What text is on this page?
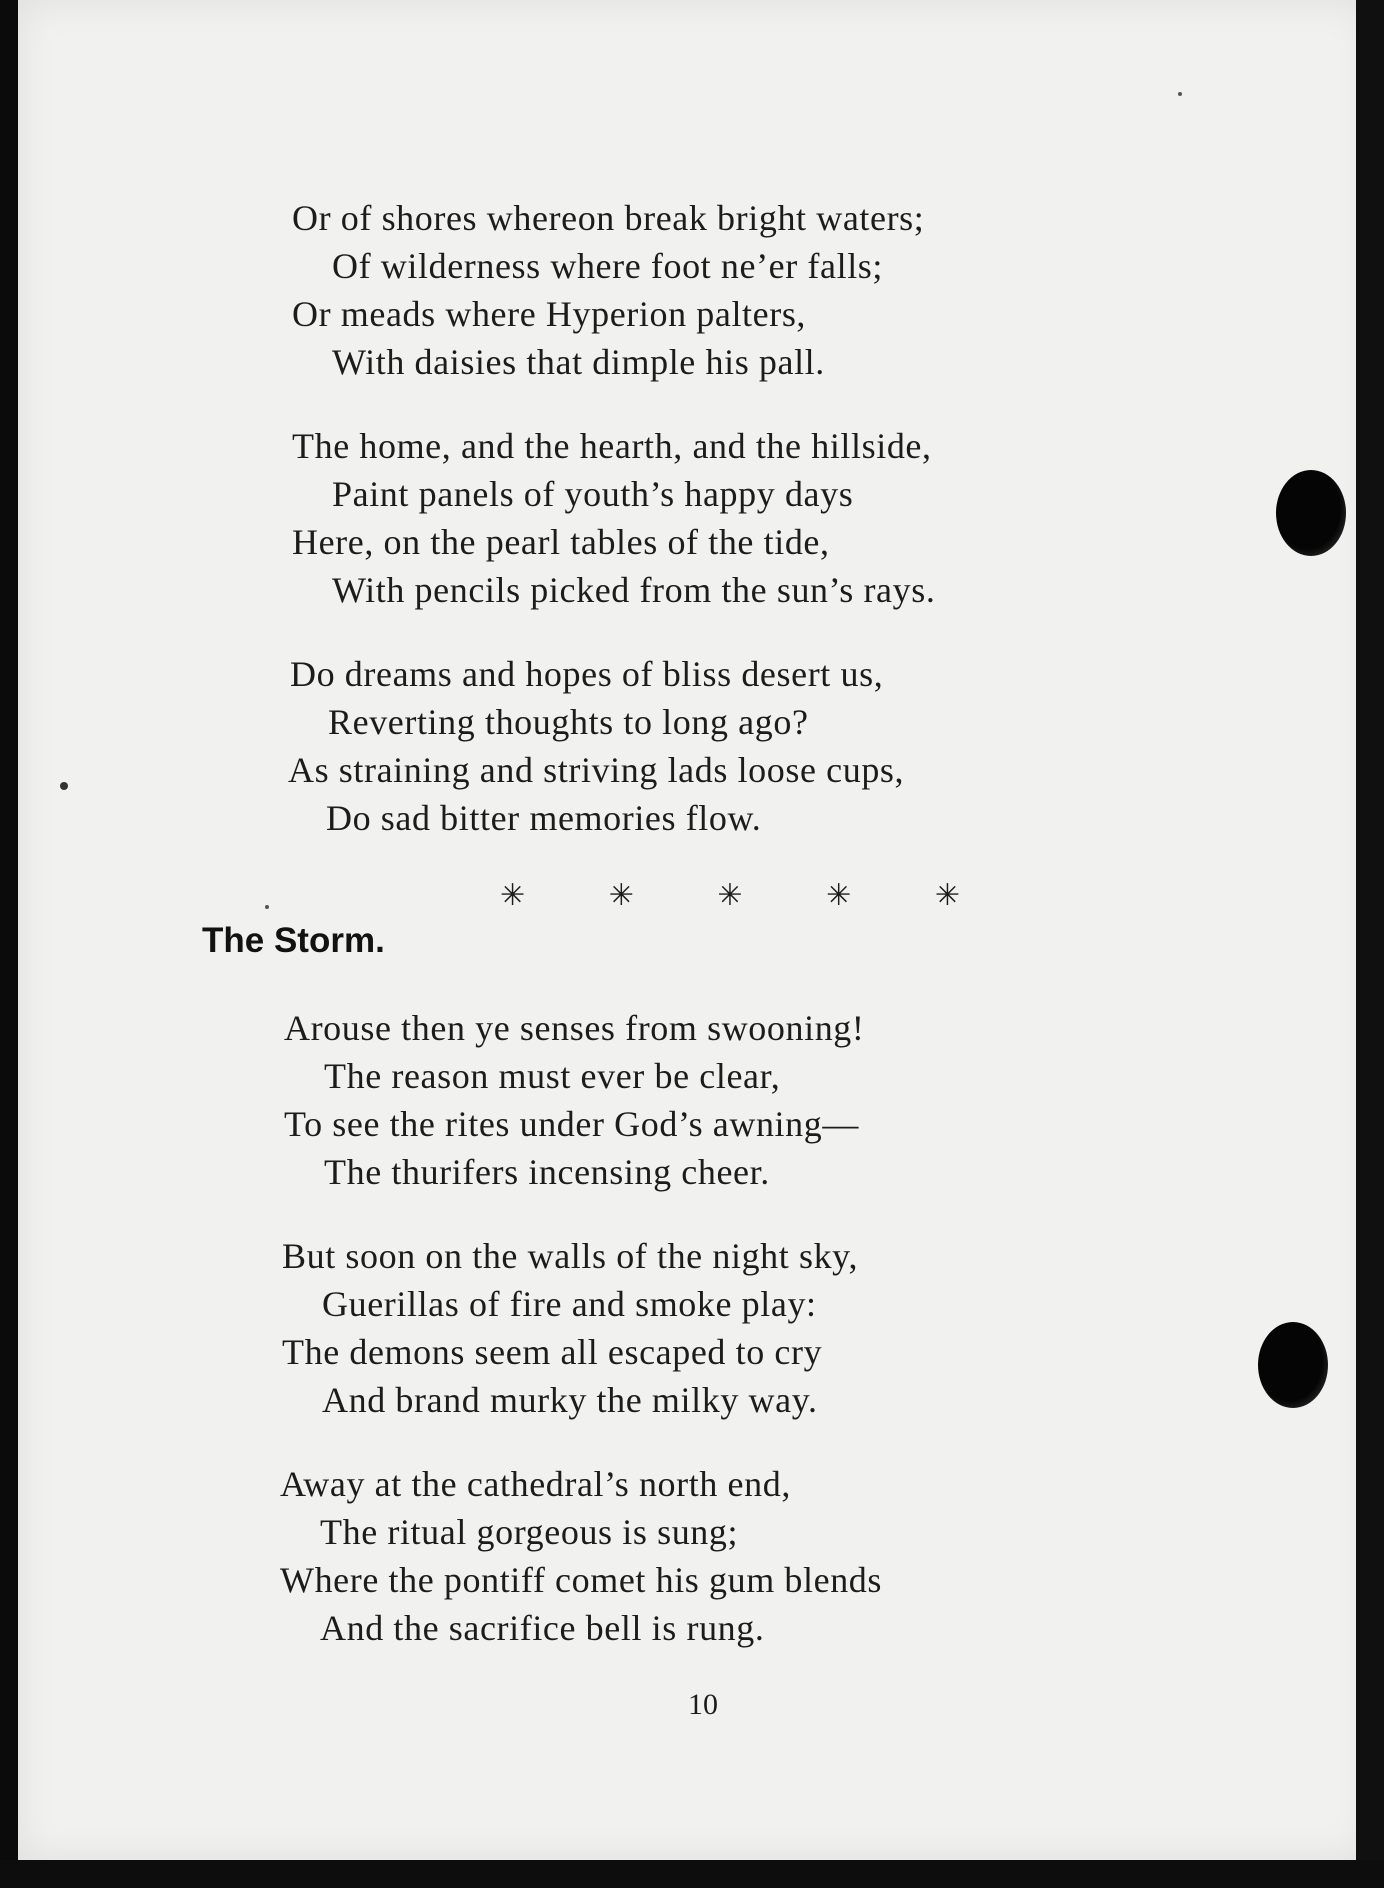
Or of shores whereon break bright waters;
Of wilderness where foot ne’er falls;
Or meads where Hyperion palters,
With daisies that dimple his pall.
The home, and the hearth, and the hillside,
Paint panels of youth’s happy days
Here, on the pearl tables of the tide,
With pencils picked from the sun’s rays.
Do dreams and hopes of bliss desert us,
Reverting thoughts to long ago?
As straining and striving lads loose cups,
Do sad bitter memories flow.
✳	✳	✳	✳	✳
The Storm.
Arouse then ye senses from swooning!
The reason must ever be clear,
To see the rites under God’s awning—
The thurifers incensing cheer.
But soon on the walls of the night sky,
Guerillas of fire and smoke play:
The demons seem all escaped to cry
And brand murky the milky way.
Away at the cathedral’s north end,
The ritual gorgeous is sung;
Where the pontiff comet his gum blends
And the sacrifice bell is rung.
10
